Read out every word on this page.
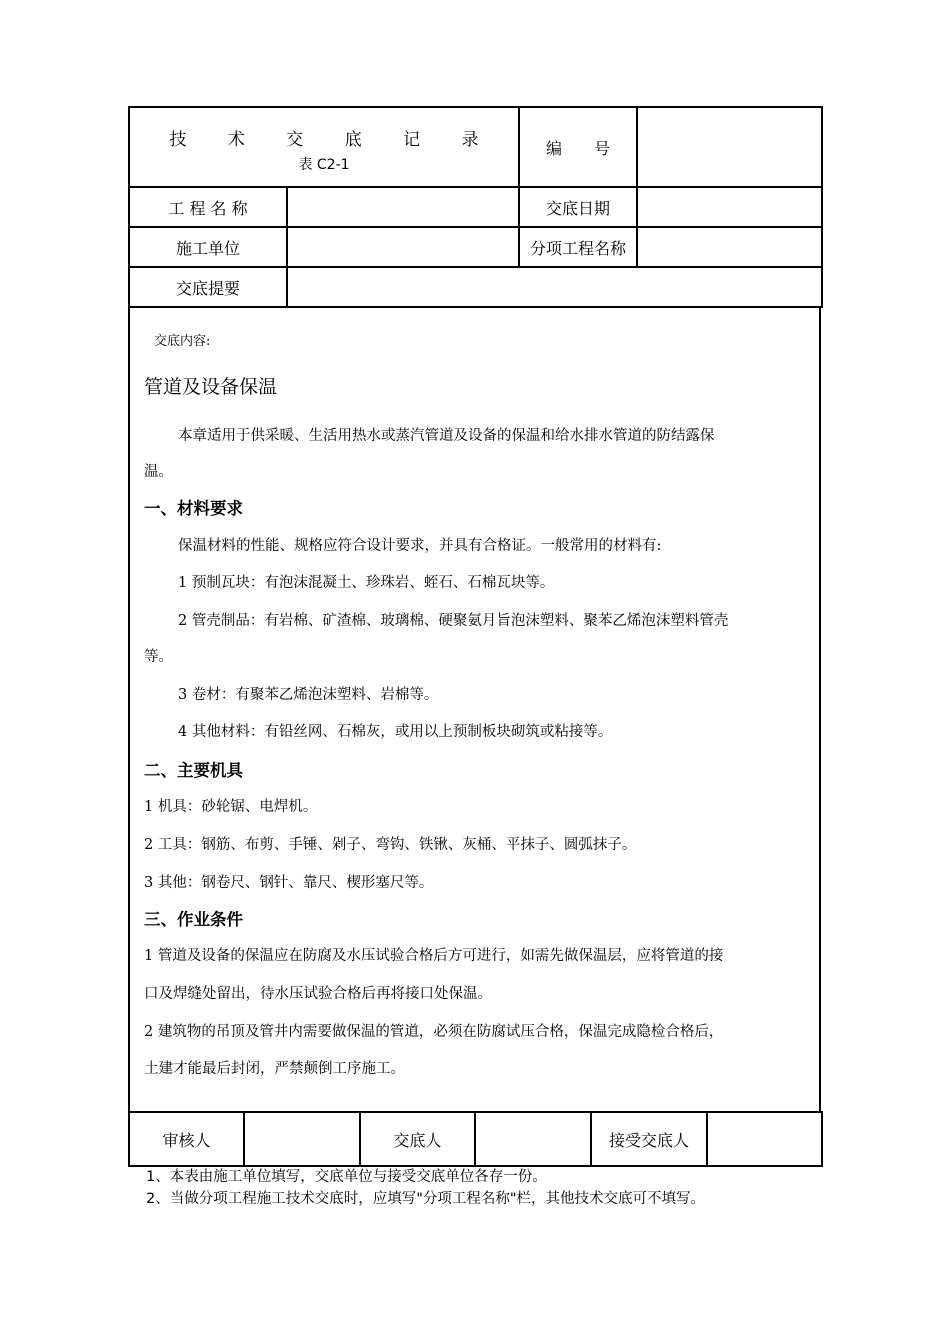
技 术 交 底 记 录
表 C2-1		编　　号	
工 程 名 称		交底日期	
施工单位		分项工程名称	
交底提要			
交底内容:
管道及设备保温
本章适用于供采暖、生活用热水或蒸汽管道及设备的保温和给水排水管道的防结露保
温。
一、材料要求
保温材料的性能、规格应符合设计要求，并具有合格证。一般常用的材料有:
1 预制瓦块：有泡沫混凝土、珍珠岩、蛭石、石棉瓦块等。
2 管壳制品：有岩棉、矿渣棉、玻璃棉、硬聚氨月旨泡沫塑料、聚苯乙烯泡沫塑料管壳
等。
3 卷材：有聚苯乙烯泡沫塑料、岩棉等。
4 其他材料：有铅丝网、石棉灰，或用以上预制板块砌筑或粘接等。
二、主要机具
1 机具：砂轮锯、电焊机。
2 工具：钢筋、布剪、手锤、剁子、弯钩、铁锹、灰桶、平抹子、圆弧抹子。
3 其他：钢卷尺、钢针、靠尺、楔形塞尺等。
三、作业条件
1 管道及设备的保温应在防腐及水压试验合格后方可进行，如需先做保温层，应将管道的接
口及焊缝处留出，待水压试验合格后再将接口处保温。
2 建筑物的吊顶及管井内需要做保温的管道，必须在防腐试压合格，保温完成隐检合格后，
土建才能最后封闭，严禁颠倒工序施工。
审核人		交底人		接受交底人	
1、本表由施工单位填写，交底单位与接受交底单位各存一份。
2、当做分项工程施工技术交底时，应填写"分项工程名称"栏，其他技术交底可不填写。
